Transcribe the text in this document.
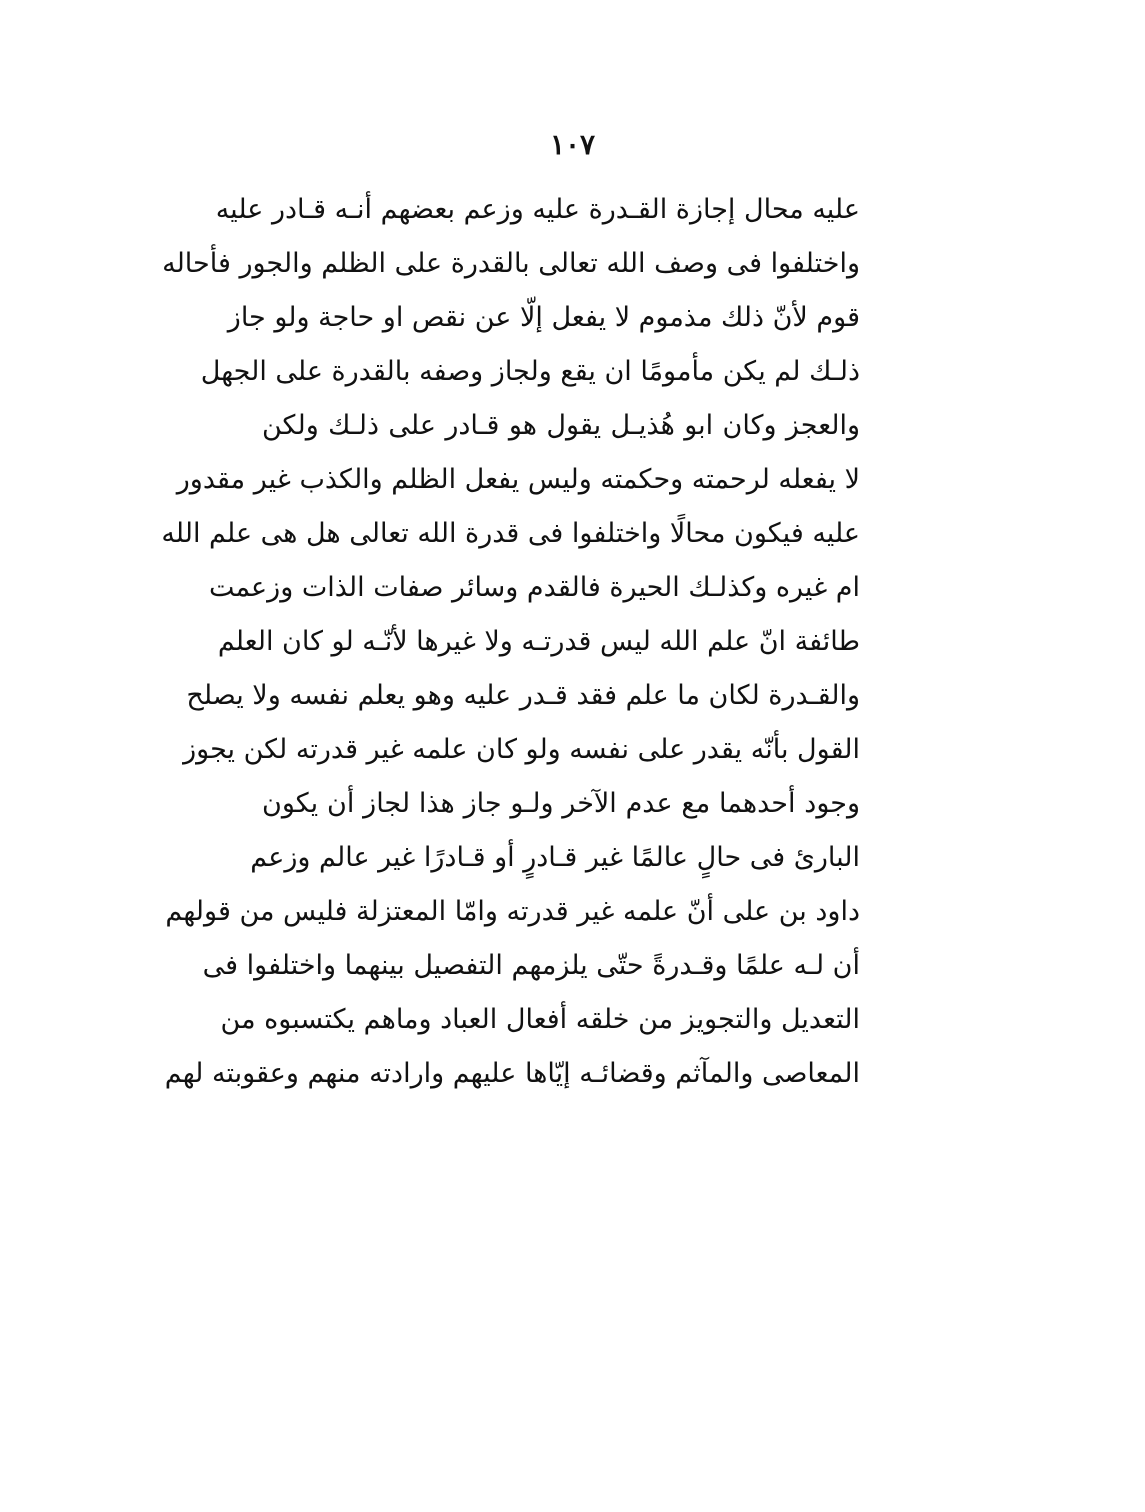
١٠٧
عليه محال إجازة القـدرة عليه وزعم بعضهم أنـه قـادر عليه
واختلفوا فى وصف الله تعالى بالقدرة على الظلم والجور فأحاله
قوم لأنّ ذلك مذموم لا يفعل إلّا عن نقص او حاجة ولو جاز
ذلـك لم يكن مأمومًا ان يقع ولجاز وصفه بالقدرة على الجهل
والعجز وكان ابو هُذيـل يقول هو قـادر على ذلـك ولكن
لا يفعله لرحمته وحكمته وليس يفعل الظلم والكذب غير مقدور
عليه فيكون محالًا واختلفوا فى قدرة الله تعالى هل هى علم الله
ام غيره وكذلـك الحيرة فالقدم وسائر صفات الذات وزعمت
طائفة انّ علم الله ليس قدرتـه ولا غيرها لأنّـه لو كان العلم
والقـدرة لكان ما علم فقد قـدر عليه وهو يعلم نفسه ولا يصلح
القول بأنّه يقدر على نفسه ولو كان علمه غير قدرته لكن يجوز
وجود أحدهما مع عدم الآخر ولـو جاز هذا لجاز أن يكون
البارئ فى حالٍ عالمًا غير قـادرٍ أو قـادرًا غير عالم وزعم
داود بن على أنّ علمه غير قدرته وامّا المعتزلة فليس من قولهم
أن لـه علمًا وقـدرةً حتّى يلزمهم التفصيل بينهما واختلفوا فى
التعديل والتجويز من خلقه أفعال العباد وماهم يكتسبوه من
المعاصى والمآثم وقضائـه إيّاها عليهم وارادته منهم وعقوبته لهم
